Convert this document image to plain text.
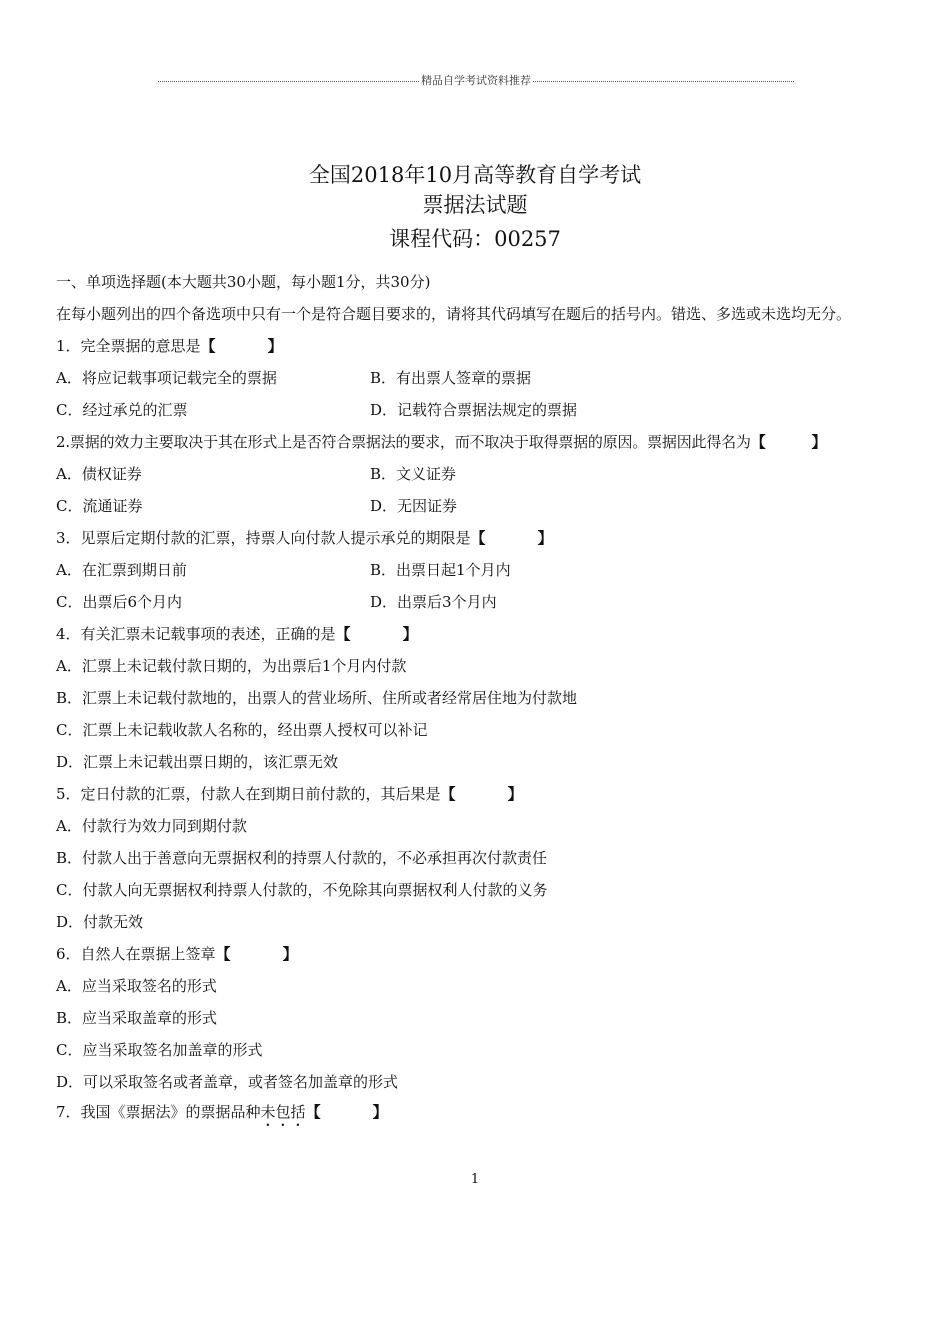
精品自学考试资料推荐
全国2018年10月高等教育自学考试
票据法试题
课程代码：00257

一、单项选择题(本大题共30小题，每小题1分，共30分)

在每小题列出的四个备选项中只有一个是符合题目要求的，请将其代码填写在题后的括号内。错选、多选或未选均无分。

1．完全票据的意思是【	】

A．将应记载事项记载完全的票据	B．有出票人签章的票据
C．经过承兑的汇票	D．记载符合票据法规定的票据

2.票据的效力主要取决于其在形式上是否符合票据法的要求，而不取决于取得票据的原因。票据因此得名为【	】

A．债权证券	B．文义证券
C．流通证券	D．无因证券

3．见票后定期付款的汇票，持票人向付款人提示承兑的期限是【	】

A．在汇票到期日前	B．出票日起1个月内
C．出票后6个月内	D．出票后3个月内

4．有关汇票未记载事项的表述，正确的是【	】

A．汇票上未记载付款日期的，为出票后1个月内付款

B．汇票上未记载付款地的，出票人的营业场所、住所或者经常居住地为付款地

C．汇票上未记载收款人名称的，经出票人授权可以补记

D．汇票上未记载出票日期的，该汇票无效

5．定日付款的汇票，付款人在到期日前付款的，其后果是【	】

A．付款行为效力同到期付款

B．付款人出于善意向无票据权利的持票人付款的，不必承担再次付款责任

C．付款人向无票据权利持票人付款的，不免除其向票据权利人付款的义务

D．付款无效

6．自然人在票据上签章【	】

A．应当采取签名的形式

B．应当采取盖章的形式

C．应当采取签名加盖章的形式

D．可以采取签名或者盖章，或者签名加盖章的形式

7．我国《票据法》的票据品种未包括【	】

1
